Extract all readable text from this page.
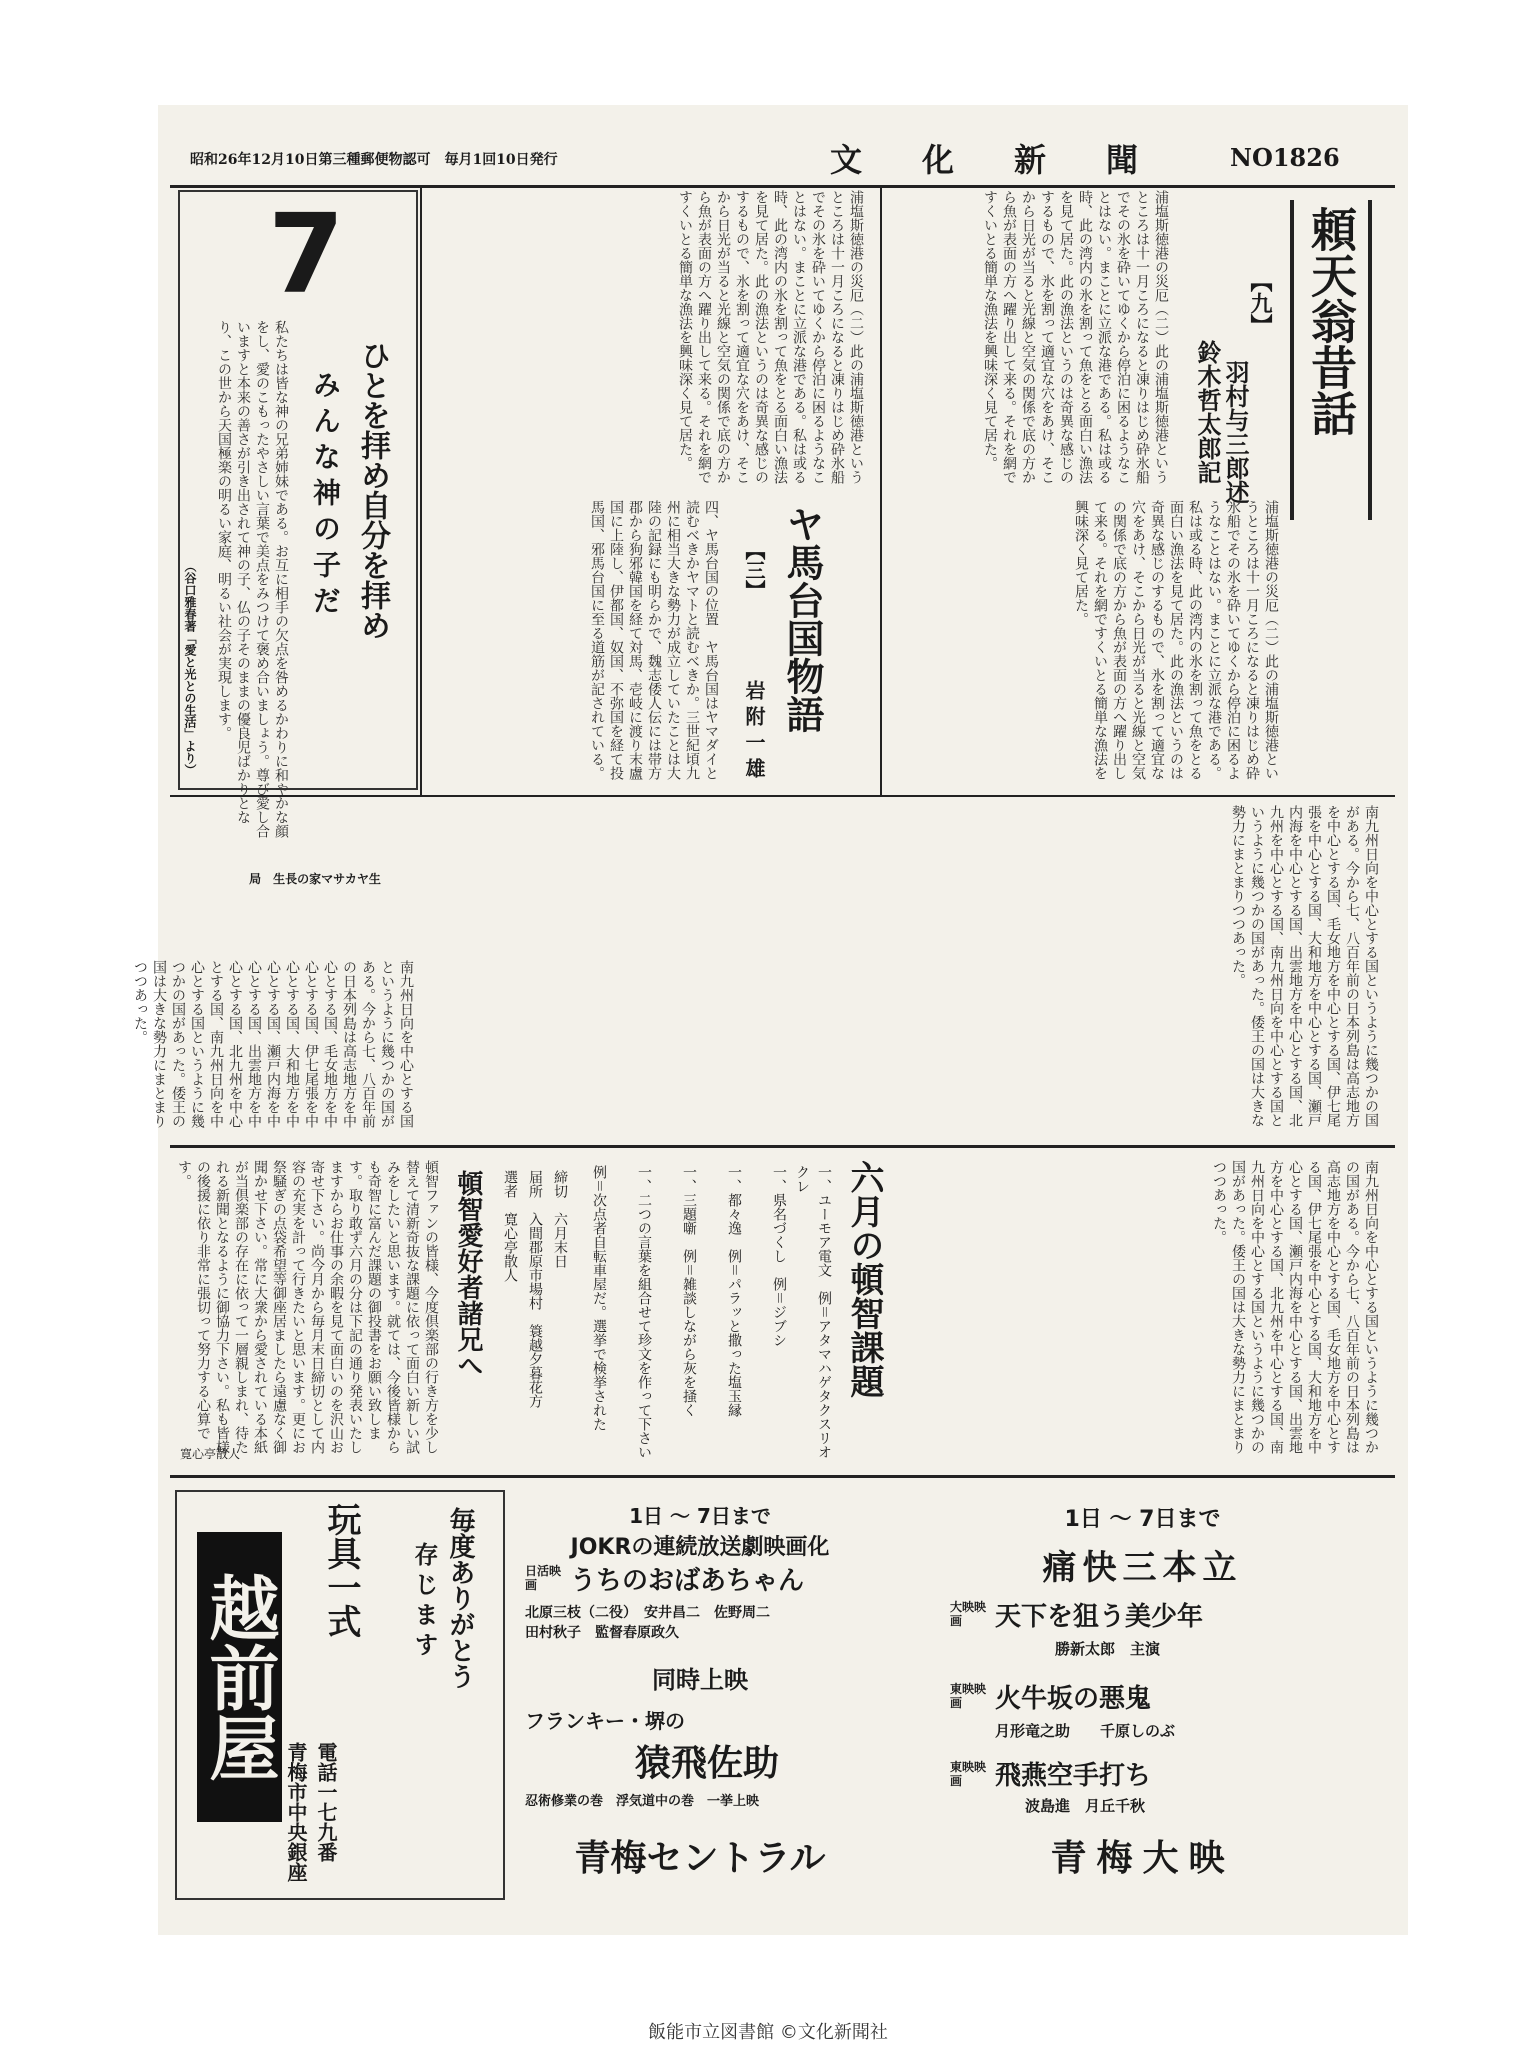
昭和26年12月10日第三種郵便物認可　毎月1回10日発行	文化新聞 NO1826
頼天翁昔話
【九】
羽村与三郎述
鈴木哲太郎記
浦塩斯徳港の災厄（二）此の浦塩斯徳港というところは十一月ころになると凍りはじめ砕氷船でその氷を砕いてゆくから停泊に困るようなことはない。まことに立派な港である。私は或る時、此の湾内の氷を割って魚をとる面白い漁法を見て居た。此の漁法というのは奇異な感じのするもので、氷を割って適宜な穴をあけ、そこから日光が当ると光線と空気の関係で底の方から魚が表面の方へ躍り出して来る。それを網ですくいとる簡単な漁法を興味深く見て居た。
浦塩斯徳港の災厄（二）此の浦塩斯徳港というところは十一月ころになると凍りはじめ砕氷船でその氷を砕いてゆくから停泊に困るようなことはない。まことに立派な港である。私は或る時、此の湾内の氷を割って魚をとる面白い漁法を見て居た。此の漁法というのは奇異な感じのするもので、氷を割って適宜な穴をあけ、そこから日光が当ると光線と空気の関係で底の方から魚が表面の方へ躍り出して来る。それを網ですくいとる簡単な漁法を興味深く見て居た。
ヤ馬台国物語
【三】
岩附一雄
四、ヤ馬台国の位置　ヤ馬台国はヤマダイと読むべきかヤマトと読むべきか。三世紀頃九州に相当大きな勢力が成立していたことは大陸の記録にも明らかで、魏志倭人伝には帯方郡から狗邪韓国を経て対馬、壱岐に渡り末盧国に上陸し、伊都国、奴国、不弥国を経て投馬国、邪馬台国に至る道筋が記されている。
浦塩斯徳港の災厄（二）此の浦塩斯徳港というところは十一月ころになると凍りはじめ砕氷船でその氷を砕いてゆくから停泊に困るようなことはない。まことに立派な港である。私は或る時、此の湾内の氷を割って魚をとる面白い漁法を見て居た。此の漁法というのは奇異な感じのするもので、氷を割って適宜な穴をあけ、そこから日光が当ると光線と空気の関係で底の方から魚が表面の方へ躍り出して来る。それを網ですくいとる簡単な漁法を興味深く見て居た。
7
ひとを拝め自分を拝め
みんな神の子だ
私たちは皆な神の兄弟姉妹である。お互に相手の欠点を咎めるかわりに和やかな顔をし、愛のこもったやさしい言葉で美点をみつけて褒め合いましょう。尊び愛し合いますと本来の善さが引き出されて神の子、仏の子そのままの優良児ばかりとなり、この世から天国極楽の明るい家庭、明るい社会が実現します。
（谷口雅春著「愛と光との生活」より）
局　生長の家マサカヤ生
南九州日向を中心とする国というように幾つかの国がある。今から七、八百年前の日本列島は高志地方を中心とする国、毛女地方を中心とする国、伊七尾張を中心とする国、大和地方を中心とする国、瀬戸内海を中心とする国、出雲地方を中心とする国、北九州を中心とする国、南九州日向を中心とする国というように幾つかの国があった。倭王の国は大きな勢力にまとまりつつあった。	南九州日向を中心とする国というように幾つかの国がある。今から七、八百年前の日本列島は高志地方を中心とする国、毛女地方を中心とする国、伊七尾張を中心とする国、大和地方を中心とする国、瀬戸内海を中心とする国、出雲地方を中心とする国、北九州を中心とする国、南九州日向を中心とする国というように幾つかの国があった。倭王の国は大きな勢力にまとまりつつあった。
六月の頓智課題
一、ユーモア電文　例＝アタマハゲタクスリオクレ
一、県名づくし　例＝ジブシ
一、都々逸　例＝パラッと撒った塩玉縁
一、三題噺　例＝雑談しながら灰を掻く
一、二つの言葉を組合せて珍文を作って下さい
例＝次点者自転車屋だ。選挙で検挙された
締切　六月末日
届所　入間郡原市場村　簑越夕暮花方
選者　寛心亭散人
頓智愛好者諸兄へ
頓智ファンの皆様、今度倶楽部の行き方を少し替えて清新奇抜な課題に依って面白い新しい試みをしたいと思います。就ては、今後皆様からも奇智に富んだ課題の御投書をお願い致します。取り敢ず六月の分は下記の通り発表いたしますからお仕事の余暇を見て面白いのを沢山お寄せ下さい。尚今月から毎月末日締切として内容の充実を計って行きたいと思います。更にお祭騒ぎの点袋希望等御座居ましたら遠慮なく御聞かせ下さい。常に大衆から愛されている本紙が当倶楽部の存在に依って一層親しまれ、待たれる新聞となるように御協力下さい。私も皆様の後援に依り非常に張切って努力する心算です。
寛心亭散人	南九州日向を中心とする国というように幾つかの国がある。今から七、八百年前の日本列島は高志地方を中心とする国、毛女地方を中心とする国、伊七尾張を中心とする国、大和地方を中心とする国、瀬戸内海を中心とする国、出雲地方を中心とする国、北九州を中心とする国、南九州日向を中心とする国というように幾つかの国があった。倭王の国は大きな勢力にまとまりつつあった。
越前屋	毎度ありがとう
存じます
玩具一式
青梅市中央銀座 電話一七九番
1日 〜 7日まで
JOKRの連続放送劇映画化
日活映画	うちのおばあちゃん
北原三枝（二役）　安井昌二　佐野周二
田村秋子　監督春原政久
同時上映
フランキー・堺の
猿飛佐助
忍術修業の巻　浮気道中の巻　一挙上映
青梅セントラル
1日 〜 7日まで
痛快三本立
大映映画	天下を狙う美少年
勝新太郎　主演
東映映画	火牛坂の悪鬼
月形竜之助　　千原しのぶ
東映映画	飛燕空手打ち
波島進　月丘千秋
青梅大映
飯能市立図書館 ©文化新聞社
